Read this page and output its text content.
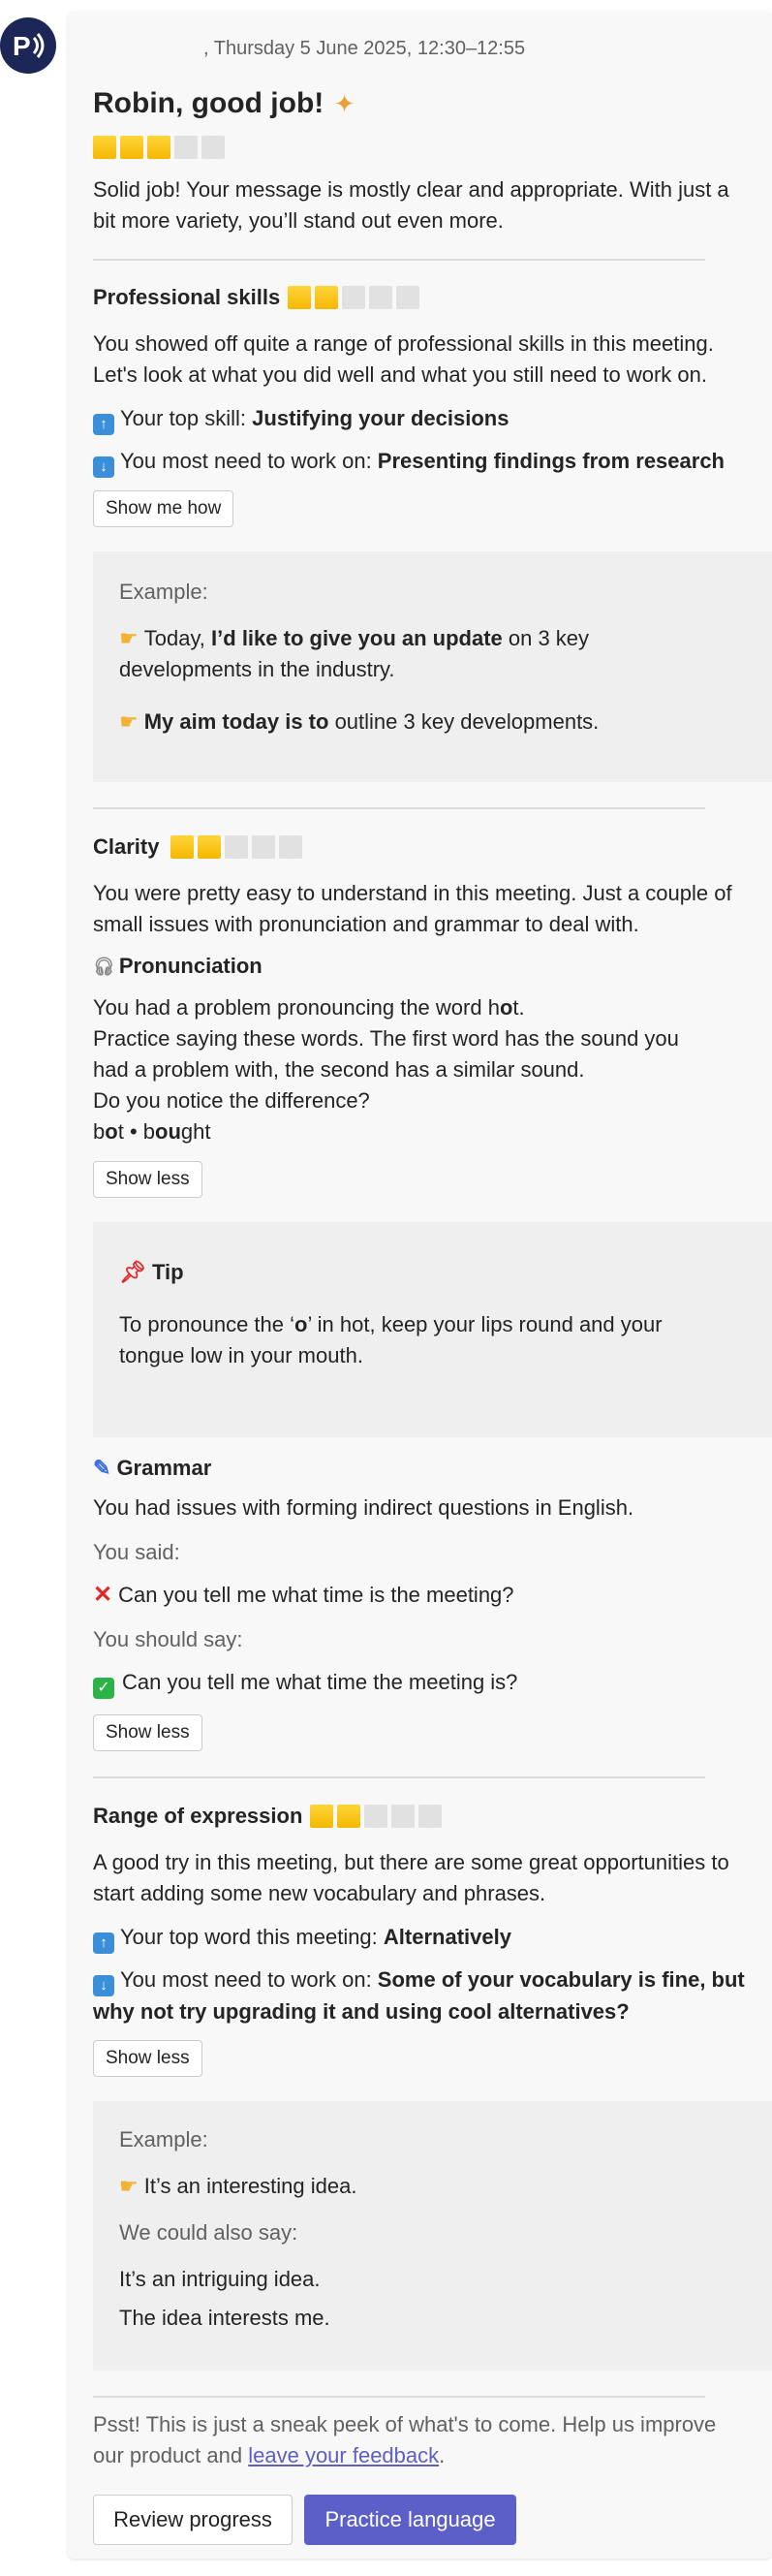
P	, Thursday 5 June 2025, 12:30–12:55
Robin, good job! ✦

Solid job! Your message is mostly clear and appropriate. With just a bit more variety, you’ll stand out even more.

Professional skills

You showed off quite a range of professional skills in this meeting. Let's look at what you did well and what you still need to work on.

↑ Your top skill: Justifying your decisions

↓ You most need to work on: Presenting findings from research

Show me how

Example:

☛ Today, I’d like to give you an update on 3 key developments in the industry.

☛ My aim today is to outline 3 key developments.

Clarity

You were pretty easy to understand in this meeting. Just a couple of small issues with pronunciation and grammar to deal with.

🎧︎ Pronunciation

You had a problem pronouncing the word hot.

Practice saying these words. The first word has the sound you had a problem with, the second has a similar sound.

Do you notice the difference?

bot • bought

Show less

📌︎ Tip

To pronounce the ‘o’ in hot, keep your lips round and your tongue low in your mouth.

✎ Grammar

You had issues with forming indirect questions in English.

You said:

✕ Can you tell me what time is the meeting?

You should say:

✓ Can you tell me what time the meeting is?

Show less
Range of expression

A good try in this meeting, but there are some great opportunities to start adding some new vocabulary and phrases.

↑ Your top word this meeting: Alternatively

↓ You most need to work on: Some of your vocabulary is fine, but why not try upgrading it and using cool alternatives?

Show less

Example:

☛ It’s an interesting idea.

We could also say:

It’s an intriguing idea.

The idea interests me.

Psst! This is just a sneak peek of what's to come. Help us improve our product and leave your feedback.

Review progress	Practice language
